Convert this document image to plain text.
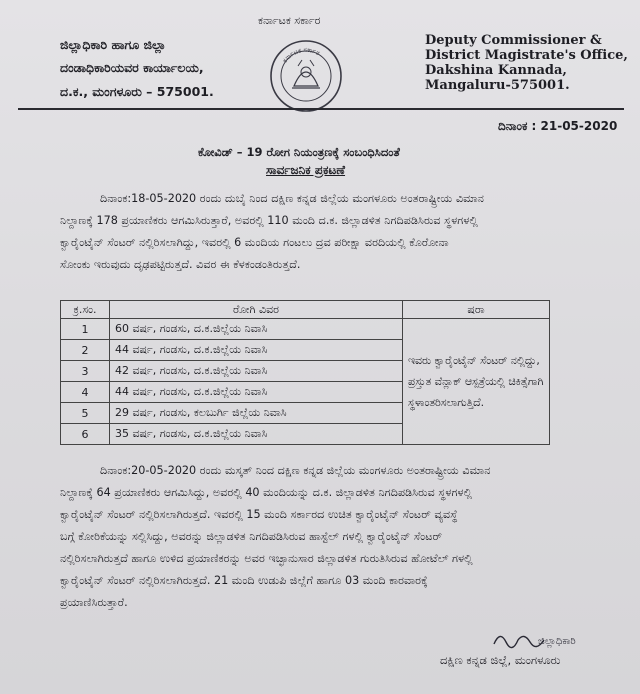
ಕರ್ನಾಟಕ ಸರ್ಕಾರ
ಜಿಲ್ಲಾಧಿಕಾರಿ ಹಾಗೂ ಜಿಲ್ಲಾ
ದಂಡಾಧಿಕಾರಿಯವರ ಕಾರ್ಯಾಲಯ,
ದ.ಕ., ಮಂಗಳೂರು – 575001.
ಕರ್ನಾಟಕ ಸರ್ಕಾರ
Deputy Commissioner &
District Magistrate's Office,
Dakshina Kannada,
Mangaluru-575001.
ದಿನಾಂಕ : 21-05-2020
ಕೋವಿಡ್ – 19 ರೋಗ ನಿಯಂತ್ರಣಕ್ಕೆ ಸಂಬಂಧಿಸಿದಂತೆ
ಸಾರ್ವಜನಿಕ ಪ್ರಕಟಣೆ
ದಿನಾಂಕ:18-05-2020 ರಂದು ದುಬೈ ನಿಂದ ದಕ್ಷಿಣ ಕನ್ನಡ ಜಿಲ್ಲೆಯ ಮಂಗಳೂರು ಅಂತರಾಷ್ಟ್ರೀಯ ವಿಮಾನ
ನಿಲ್ದಾಣಕ್ಕೆ 178 ಪ್ರಯಾಣಿಕರು ಆಗಮಿಸಿರುತ್ತಾರೆ, ಅವರಲ್ಲಿ 110 ಮಂದಿ ದ.ಕ. ಜಿಲ್ಲಾಡಳಿತ ನಿಗದಿಪಡಿಸಿರುವ ಸ್ಥಳಗಳಲ್ಲಿ
ಕ್ವಾರೈಂಟೈನ್ ಸೆಂಟರ್ ನಲ್ಲಿರಿಸಲಾಗಿದ್ದು, ಇವರಲ್ಲಿ 6 ಮಂದಿಯ ಗಂಟಲು ದ್ರವ ಪರೀಕ್ಷಾ ವರದಿಯಲ್ಲಿ ಕೊರೋನಾ
ಸೋಂಕು ಇರುವುದು ದೃಢಪಟ್ಟಿರುತ್ತದೆ. ವಿವರ ಈ ಕೆಳಕಂಡಂತಿರುತ್ತದೆ.
ಕ್ರ.ಸಂ.	ರೋಗಿ ವಿವರ	ಷರಾ
1	60 ವರ್ಷ, ಗಂಡಸು, ದ.ಕ.ಜಿಲ್ಲೆಯ ನಿವಾಸಿ	ಇವರು ಕ್ವಾರೈಂಟೈನ್ ಸೆಂಟರ್ ನಲ್ಲಿದ್ದು, ಪ್ರಸ್ತುತ ವೆನ್ಲಾಕ್ ಆಸ್ಪತ್ರೆಯಲ್ಲಿ ಚಿಕಿತ್ಸೆಗಾಗಿ ಸ್ಥಳಾಂತರಿಸಲಾಗುತ್ತಿದೆ.
2	44 ವರ್ಷ, ಗಂಡಸು, ದ.ಕ.ಜಿಲ್ಲೆಯ ನಿವಾಸಿ	
3	42 ವರ್ಷ, ಗಂಡಸು, ದ.ಕ.ಜಿಲ್ಲೆಯ ನಿವಾಸಿ	
4	44 ವರ್ಷ, ಗಂಡಸು, ದ.ಕ.ಜಿಲ್ಲೆಯ ನಿವಾಸಿ	
5	29 ವರ್ಷ, ಗಂಡಸು, ಕಲಬುರ್ಗಿ ಜಿಲ್ಲೆಯ ನಿವಾಸಿ	
6	35 ವರ್ಷ, ಗಂಡಸು, ದ.ಕ.ಜಿಲ್ಲೆಯ ನಿವಾಸಿ	
ದಿನಾಂಕ:20-05-2020 ರಂದು ಮಸ್ಕತ್ ನಿಂದ ದಕ್ಷಿಣ ಕನ್ನಡ ಜಿಲ್ಲೆಯ ಮಂಗಳೂರು ಅಂತರಾಷ್ಟ್ರೀಯ ವಿಮಾನ
ನಿಲ್ದಾಣಕ್ಕೆ 64 ಪ್ರಯಾಣಿಕರು ಆಗಮಿಸಿದ್ದು, ಅವರಲ್ಲಿ 40 ಮಂದಿಯನ್ನು ದ.ಕ. ಜಿಲ್ಲಾಡಳಿತ ನಿಗದಿಪಡಿಸಿರುವ ಸ್ಥಳಗಳಲ್ಲಿ
ಕ್ವಾರೈಂಟೈನ್ ಸೆಂಟರ್ ನಲ್ಲಿರಿಸಲಾಗಿರುತ್ತದೆ. ಇವರಲ್ಲಿ 15 ಮಂದಿ ಸರ್ಕಾರದ ಉಚಿತ ಕ್ವಾರೈಂಟೈನ್ ಸೆಂಟರ್ ವ್ಯವಸ್ಥೆ
ಬಗ್ಗೆ ಕೋರಿಕೆಯನ್ನು ಸಲ್ಲಿಸಿದ್ದು, ಅವರನ್ನು ಜಿಲ್ಲಾಡಳಿತ ನಿಗದಿಪಡಿಸಿರುವ ಹಾಸ್ಟೆಲ್ ಗಳಲ್ಲಿ ಕ್ವಾರೈಂಟೈನ್ ಸೆಂಟರ್
ನಲ್ಲಿರಿಸಲಾಗಿರುತ್ತದೆ ಹಾಗೂ ಉಳಿದ ಪ್ರಯಾಣಿಕರನ್ನು ಅವರ ಇಚ್ಛಾನುಸಾರ ಜಿಲ್ಲಾಡಳಿತ ಗುರುತಿಸಿರುವ ಹೋಟೆಲ್ ಗಳಲ್ಲಿ
ಕ್ವಾರೈಂಟೈನ್ ಸೆಂಟರ್ ನಲ್ಲಿರಿಸಲಾಗಿರುತ್ತದೆ. 21 ಮಂದಿ ಉಡುಪಿ ಜಿಲ್ಲೆಗೆ ಹಾಗೂ 03 ಮಂದಿ ಕಾರವಾರಕ್ಕೆ
ಪ್ರಯಾಣಿಸಿರುತ್ತಾರೆ.
ಜಿಲ್ಲಾಧಿಕಾರಿ
ದಕ್ಷಿಣ ಕನ್ನಡ ಜಿಲ್ಲೆ, ಮಂಗಳೂರು
